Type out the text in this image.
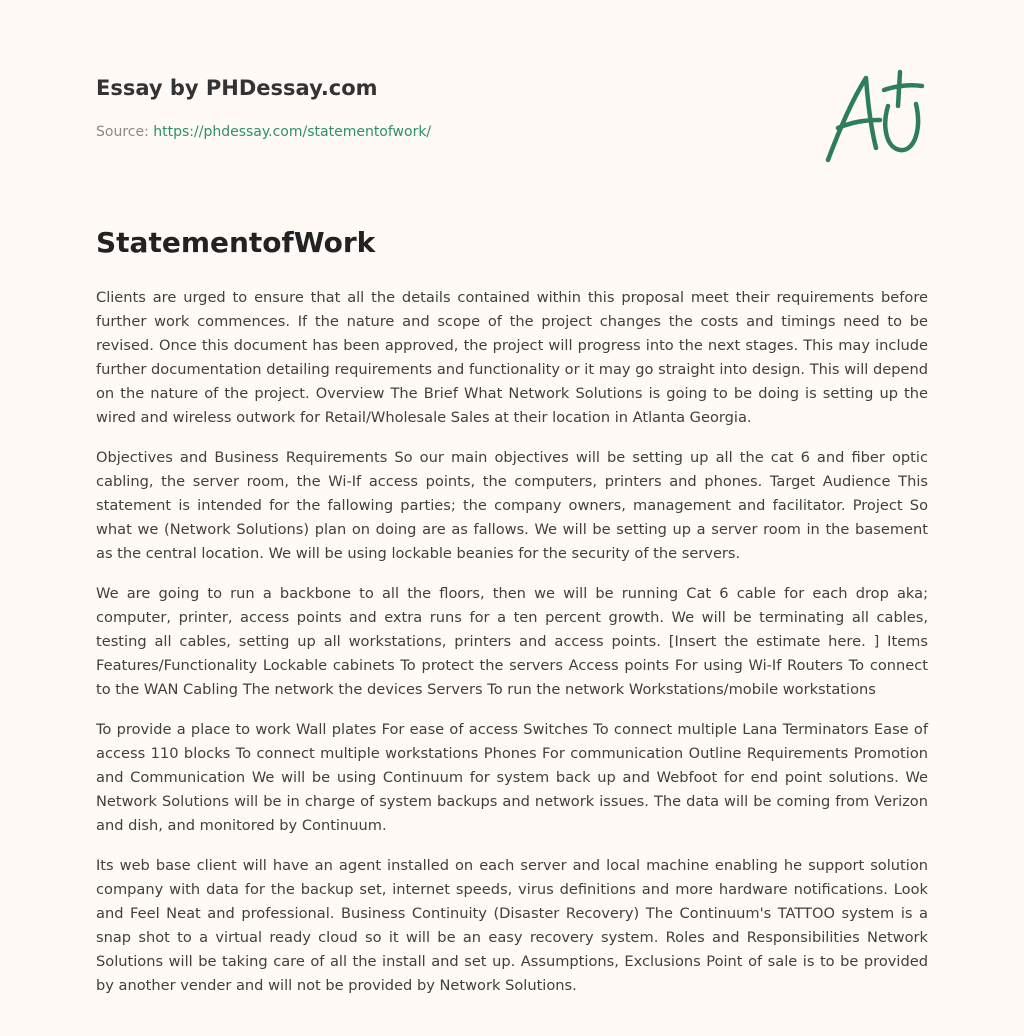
Essay by PHDessay.com
Source: https://phdessay.com/statementofwork/
StatementofWork

Clients are urged to ensure that all the details contained within this proposal meet their requirements before further work commences. If the nature and scope of the project changes the costs and timings need to be revised. Once this document has been approved, the project will progress into the next stages. This may include further documentation detailing requirements and functionality or it may go straight into design. This will depend on the nature of the project. Overview The Brief What Network Solutions is going to be doing is setting up the wired and wireless outwork for Retail/Wholesale Sales at their location in Atlanta Georgia.

Objectives and Business Requirements So our main objectives will be setting up all the cat 6 and fiber optic cabling, the server room, the Wi-If access points, the computers, printers and phones. Target Audience This statement is intended for the fallowing parties; the company owners, management and facilitator. Project So what we (Network Solutions) plan on doing are as fallows. We will be setting up a server room in the basement as the central location. We will be using lockable beanies for the security of the servers.

We are going to run a backbone to all the floors, then we will be running Cat 6 cable for each drop aka; computer, printer, access points and extra runs for a ten percent growth. We will be terminating all cables, testing all cables, setting up all workstations, printers and access points. [Insert the estimate here. ] Items Features/Functionality Lockable cabinets To protect the servers Access points For using Wi-If Routers To connect to the WAN Cabling The network the devices Servers To run the network Workstations/mobile workstations

To provide a place to work Wall plates For ease of access Switches To connect multiple Lana Terminators Ease of access 110 blocks To connect multiple workstations Phones For communication Outline Requirements Promotion and Communication We will be using Continuum for system back up and Webfoot for end point solutions. We Network Solutions will be in charge of system backups and network issues. The data will be coming from Verizon and dish, and monitored by Continuum.

Its web base client will have an agent installed on each server and local machine enabling he support solution company with data for the backup set, internet speeds, virus definitions and more hardware notifications. Look and Feel Neat and professional. Business Continuity (Disaster Recovery) The Continuum's TATTOO system is a snap shot to a virtual ready cloud so it will be an easy recovery system. Roles and Responsibilities Network Solutions will be taking care of all the install and set up. Assumptions, Exclusions Point of sale is to be provided by another vender and will not be provided by Network Solutions.
